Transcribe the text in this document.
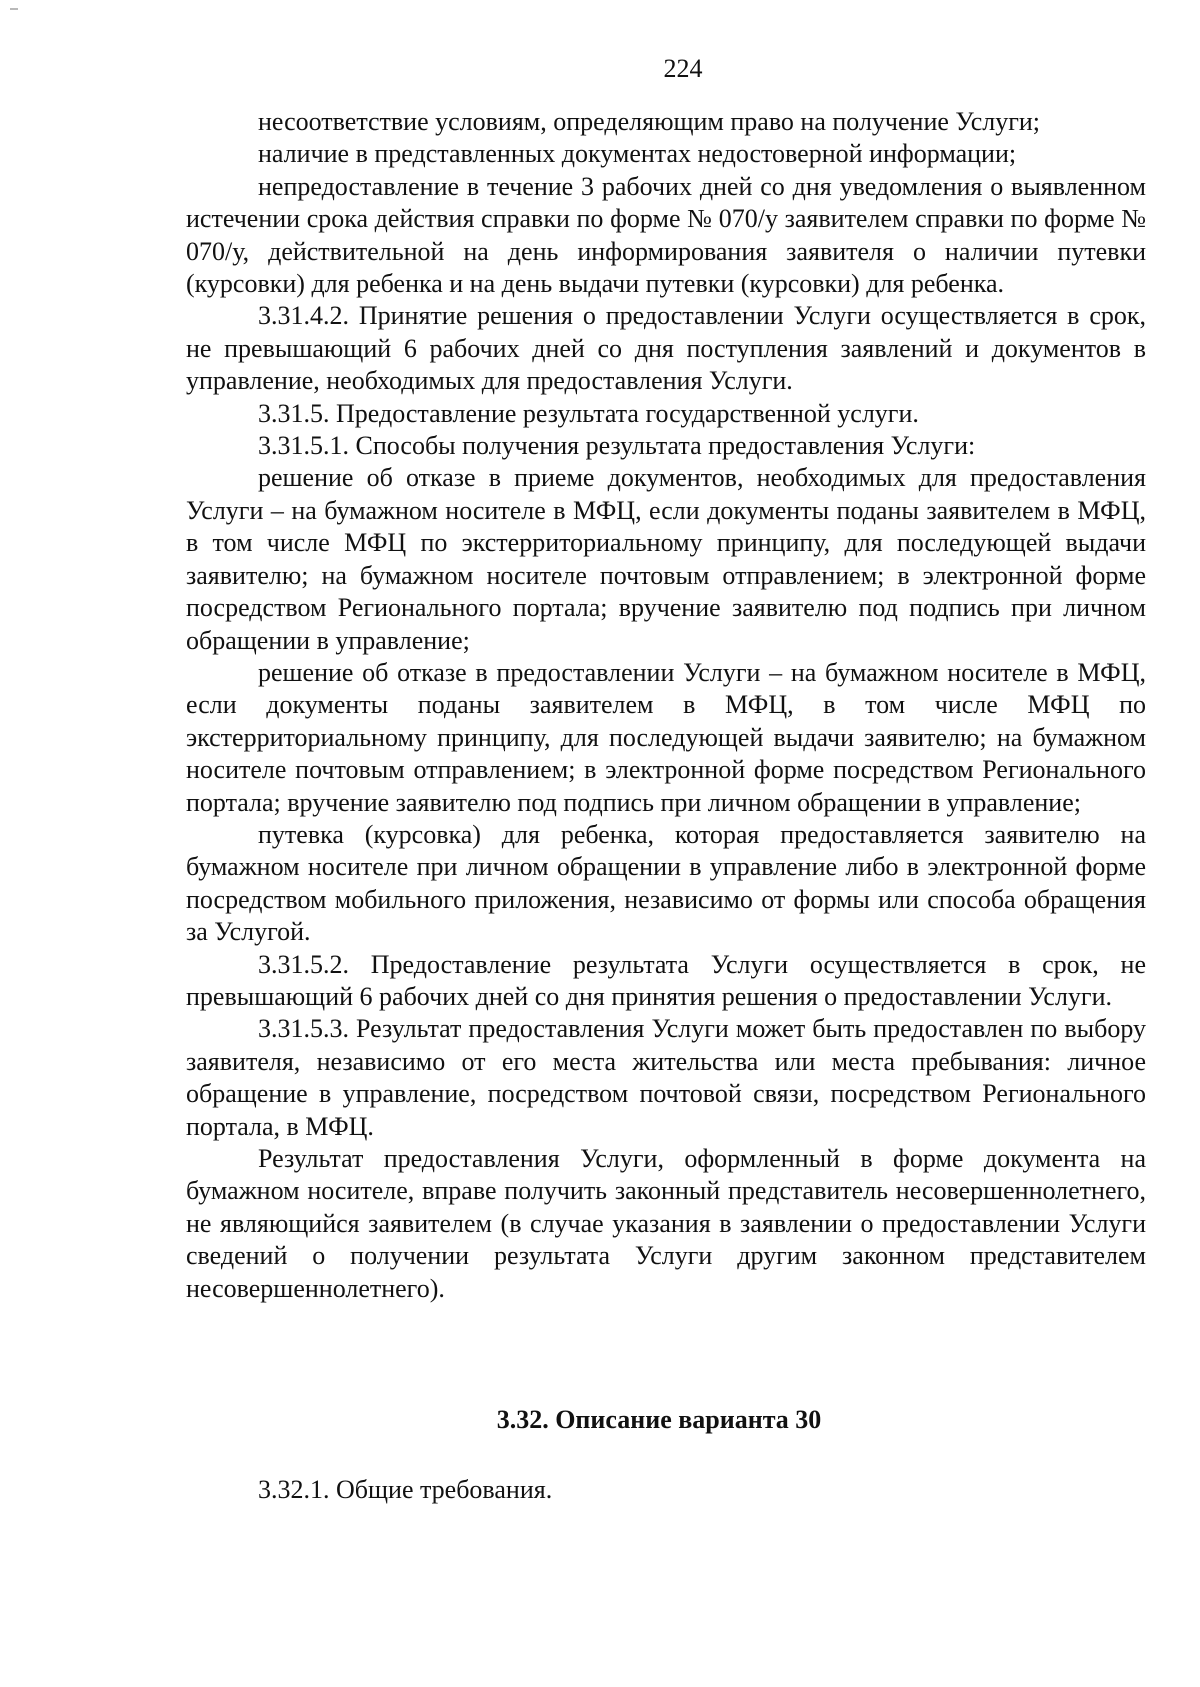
224

несоответствие условиям, определяющим право на получение Услуги;

наличие в представленных документах недостоверной информации;

непредоставление в течение 3 рабочих дней со дня уведомления о выявленном истечении срока действия справки по форме № 070/у заявителем справки по форме № 070/у, действительной на день информирования заявителя о наличии путевки (курсовки) для ребенка и на день выдачи путевки (курсовки) для ребенка.

3.31.4.2. Принятие решения о предоставлении Услуги осуществляется в срок, не превышающий 6 рабочих дней со дня поступления заявлений и документов в управление, необходимых для предоставления Услуги.

3.31.5. Предоставление результата государственной услуги.

3.31.5.1. Способы получения результата предоставления Услуги:

решение об отказе в приеме документов, необходимых для предоставления Услуги – на бумажном носителе в МФЦ, если документы поданы заявителем в МФЦ, в том числе МФЦ по экстерриториальному принципу, для последующей выдачи заявителю; на бумажном носителе почтовым отправлением; в электронной форме посредством Регионального портала; вручение заявителю под подпись при личном обращении в управление;

решение об отказе в предоставлении Услуги – на бумажном носителе в МФЦ, если документы поданы заявителем в МФЦ, в том числе МФЦ по экстерриториальному принципу, для последующей выдачи заявителю; на бумажном носителе почтовым отправлением; в электронной форме посредством Регионального портала; вручение заявителю под подпись при личном обращении в управление;

путевка (курсовка) для ребенка, которая предоставляется заявителю на бумажном носителе при личном обращении в управление либо в электронной форме посредством мобильного приложения, независимо от формы или способа обращения за Услугой.

3.31.5.2. Предоставление результата Услуги осуществляется в срок, не превышающий 6 рабочих дней со дня принятия решения о предоставлении Услуги.

3.31.5.3. Результат предоставления Услуги может быть предоставлен по выбору заявителя, независимо от его места жительства или места пребывания: личное обращение в управление, посредством почтовой связи, посредством Регионального портала, в МФЦ.

Результат предоставления Услуги, оформленный в форме документа на бумажном носителе, вправе получить законный представитель несовершеннолетнего, не являющийся заявителем (в случае указания в заявлении о предоставлении Услуги сведений о получении результата Услуги другим законном представителем несовершеннолетнего).

3.32. Описание варианта 30
3.32.1. Общие требования.
